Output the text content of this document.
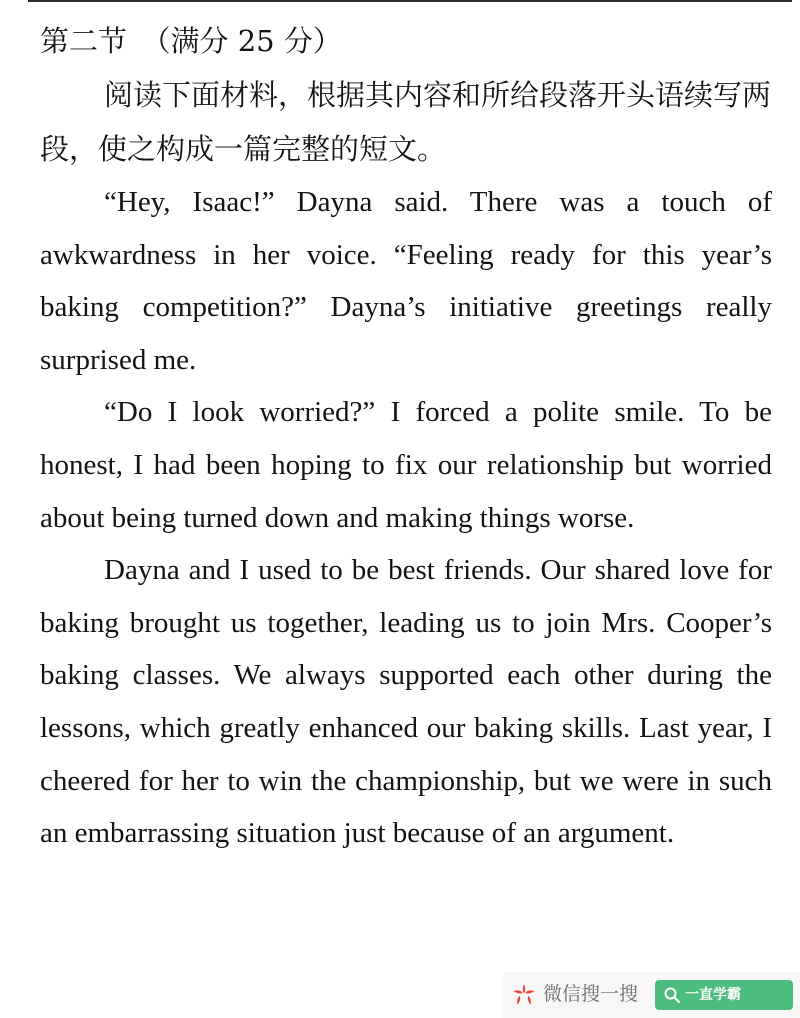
第二节　（满分 25 分）

阅读下面材料，根据其内容和所给段落开头语续写两段，使之构成一篇完整的短文。

“Hey, Isaac!” Dayna said. There was a touch of awkwardness in her voice. “Feeling ready for this year’s baking competition?” Dayna’s initiative greetings really surprised me.

“Do I look worried?” I forced a polite smile. To be honest, I had been hoping to fix our relationship but worried about being turned down and making things worse.

Dayna and I used to be best friends. Our shared love for baking brought us together, leading us to join Mrs. Cooper’s baking classes. We always supported each other during the lessons, which greatly enhanced our baking skills. Last year, I cheered for her to win the championship, but we were in such an embarrassing situation just because of an argument.

微信搜一搜	一直学霸
